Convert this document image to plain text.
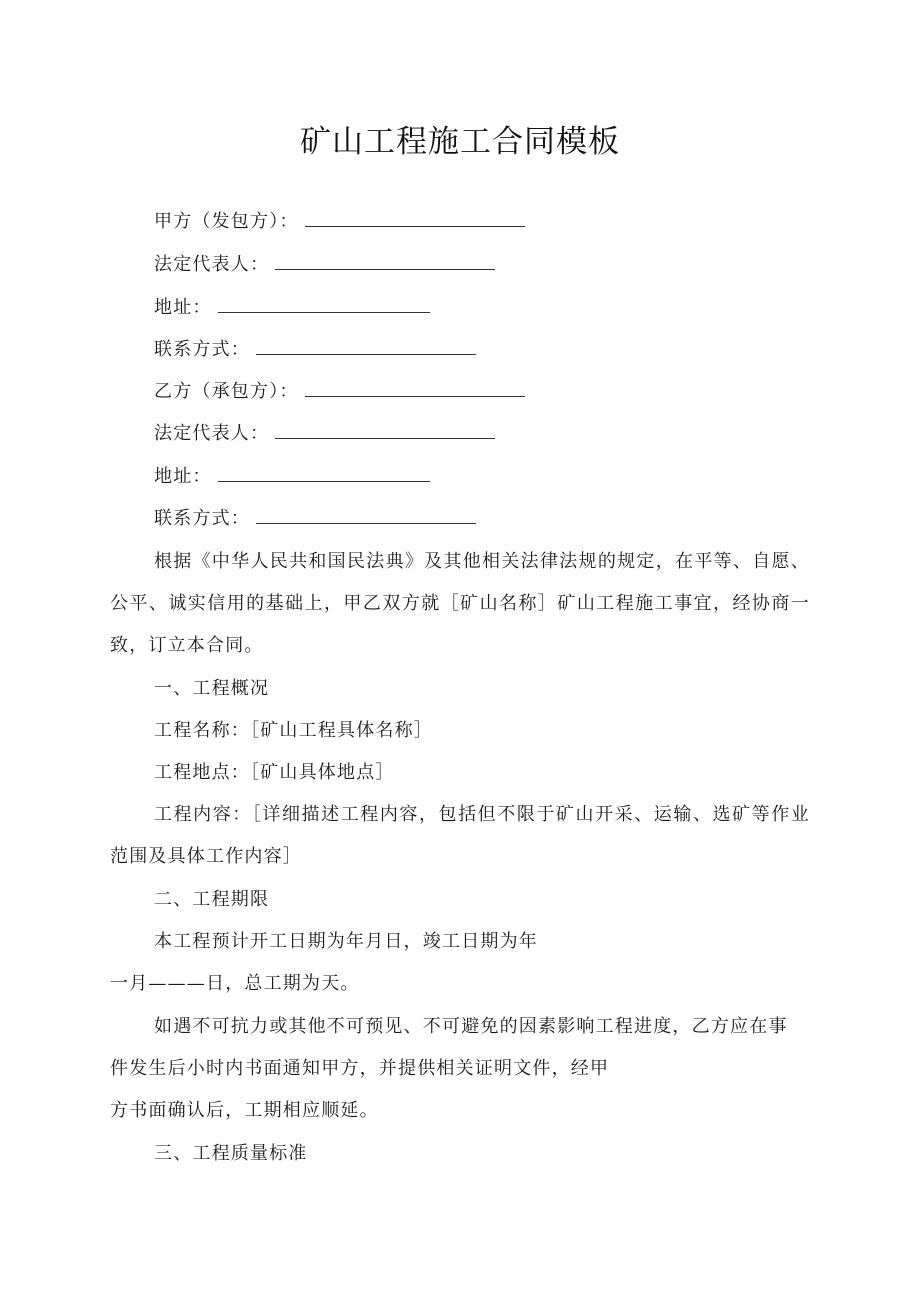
矿山工程施工合同模板
甲方（发包方）：
法定代表人：
地址：
联系方式：
乙方（承包方）：
法定代表人：
地址：
联系方式：
根据《中华人民共和国民法典》及其他相关法律法规的规定，在平等、自愿、公平、诚实信用的基础上，甲乙双方就［矿山名称］矿山工程施工事宜，经协商一致，订立本合同。
一、工程概况
工程名称：［矿山工程具体名称］
工程地点：［矿山具体地点］
工程内容：［详细描述工程内容，包括但不限于矿山开采、运输、选矿等作业范围及具体工作内容］
二、工程期限
本工程预计开工日期为年月日，竣工日期为年
一月———日，总工期为天。
如遇不可抗力或其他不可预见、不可避免的因素影响工程进度，乙方应在事
件发生后小时内书面通知甲方，并提供相关证明文件，经甲
方书面确认后，工期相应顺延。
三、工程质量标准
